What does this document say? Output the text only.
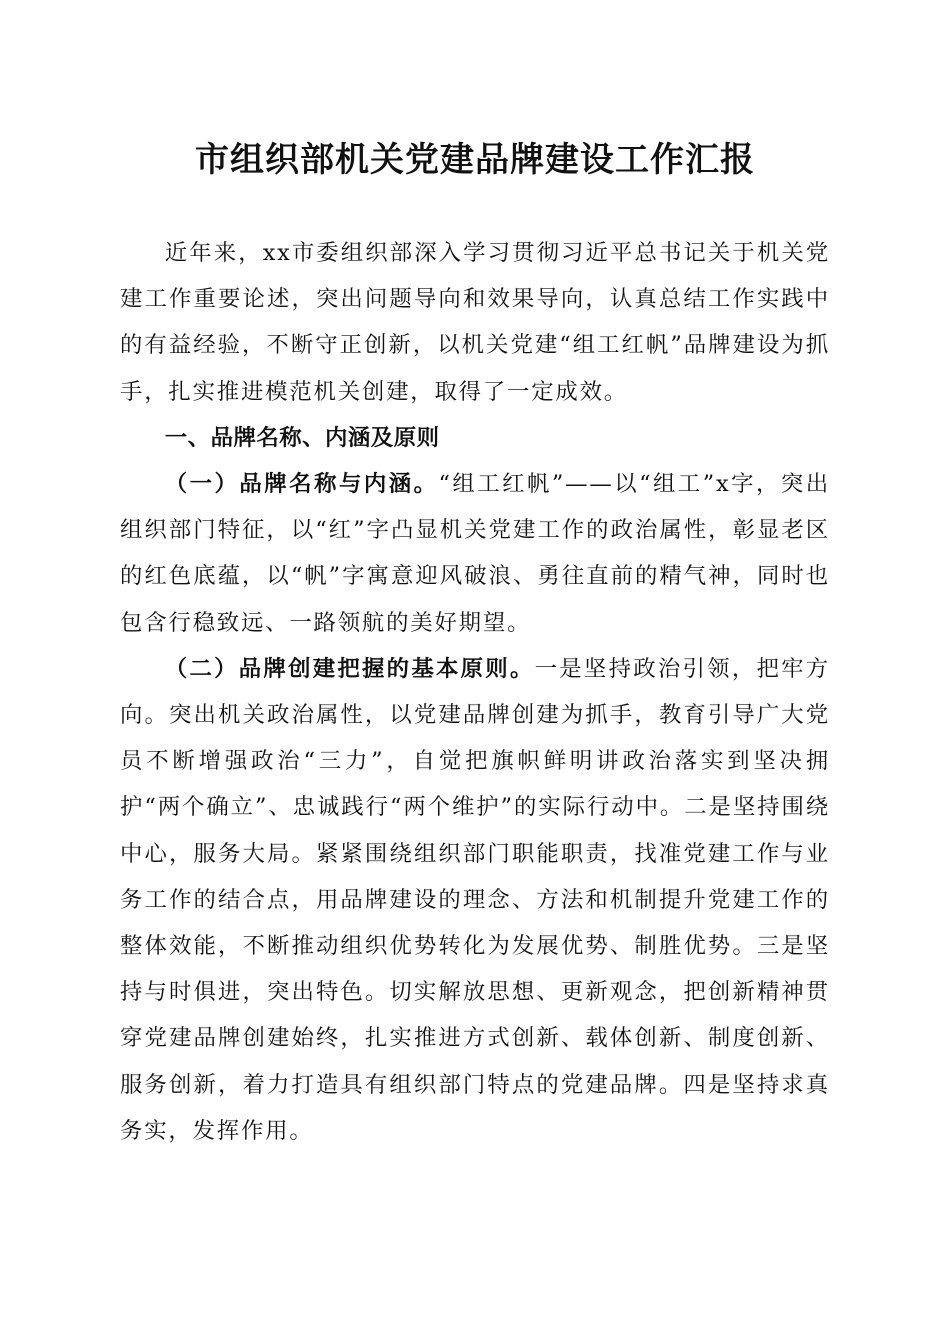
市组织部机关党建品牌建设工作汇报

近年来，xx市委组织部深入学习贯彻习近平总书记关于机关党建工作重要论述，突出问题导向和效果导向，认真总结工作实践中的有益经验，不断守正创新，以机关党建“组工红帆”品牌建设为抓手，扎实推进模范机关创建，取得了一定成效。

一、品牌名称、内涵及原则

（一）品牌名称与内涵。“组工红帆”——以“组工”x字，突出组织部门特征，以“红”字凸显机关党建工作的政治属性，彰显老区的红色底蕴，以“帆”字寓意迎风破浪、勇往直前的精气神，同时也包含行稳致远、一路领航的美好期望。

（二）品牌创建把握的基本原则。一是坚持政治引领，把牢方向。突出机关政治属性，以党建品牌创建为抓手，教育引导广大党员不断增强政治“三力”，自觉把旗帜鲜明讲政治落实到坚决拥护“两个确立”、忠诚践行“两个维护”的实际行动中。二是坚持围绕中心，服务大局。紧紧围绕组织部门职能职责，找准党建工作与业务工作的结合点，用品牌建设的理念、方法和机制提升党建工作的整体效能，不断推动组织优势转化为发展优势、制胜优势。三是坚持与时俱进，突出特色。切实解放思想、更新观念，把创新精神贯穿党建品牌创建始终，扎实推进方式创新、载体创新、制度创新、服务创新，着力打造具有组织部门特点的党建品牌。四是坚持求真务实，发挥作用。
